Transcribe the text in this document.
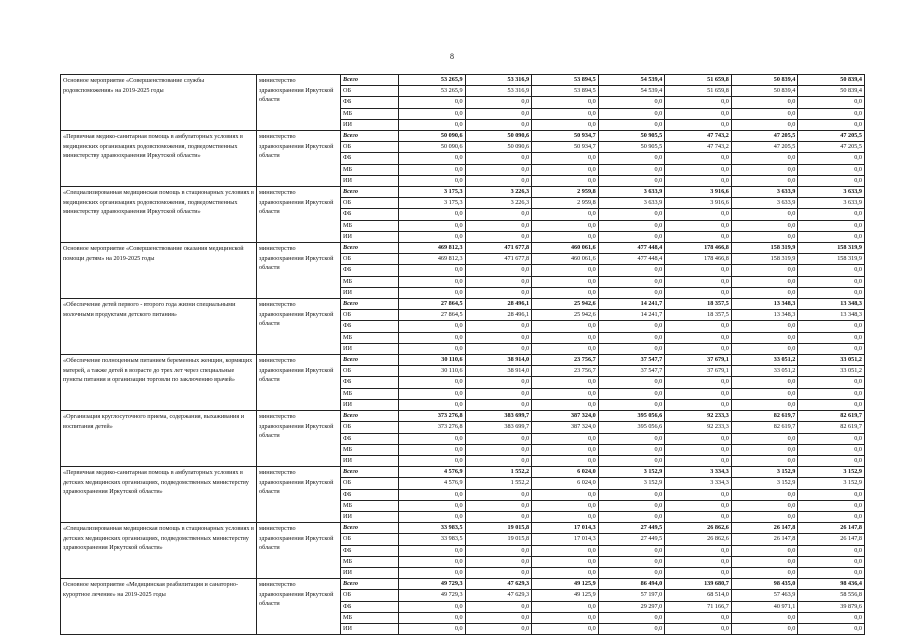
8
Основное мероприятие «Совершенствование службы родовспоможения» на 2019-2025 годы	министерство здравоохранения Иркутской области	Всего	53 265,9	53 316,9	53 894,5	54 539,4	51 659,8	50 839,4	50 839,4
		ОБ	53 265,9	53 316,9	53 894,5	54 539,4	51 659,8	50 839,4	50 839,4
		ФБ	0,0	0,0	0,0	0,0	0,0	0,0	0,0
		МБ	0,0	0,0	0,0	0,0	0,0	0,0	0,0
		ИИ	0,0	0,0	0,0	0,0	0,0	0,0	0,0
«Первичная медико-санитарная помощь в амбулаторных условиях в медицинских организациях родовспоможения, подведомственных министерству здравоохранения Иркутской области»	министерство здравоохранения Иркутской области	Всего	50 090,6	50 090,6	50 934,7	50 905,5	47 743,2	47 205,5	47 205,5
		ОБ	50 090,6	50 090,6	50 934,7	50 905,5	47 743,2	47 205,5	47 205,5
		ФБ	0,0	0,0	0,0	0,0	0,0	0,0	0,0
		МБ	0,0	0,0	0,0	0,0	0,0	0,0	0,0
		ИИ	0,0	0,0	0,0	0,0	0,0	0,0	0,0
«Специализированная медицинская помощь в стационарных условиях в медицинских организациях родовспоможения, подведомственных министерству здравоохранения Иркутской области»	министерство здравоохранения Иркутской области	Всего	3 175,3	3 226,3	2 959,8	3 633,9	3 916,6	3 633,9	3 633,9
		ОБ	3 175,3	3 226,3	2 959,8	3 633,9	3 916,6	3 633,9	3 633,9
		ФБ	0,0	0,0	0,0	0,0	0,0	0,0	0,0
		МБ	0,0	0,0	0,0	0,0	0,0	0,0	0,0
		ИИ	0,0	0,0	0,0	0,0	0,0	0,0	0,0
Основное мероприятие «Совершенствование оказания медицинской помощи детям» на 2019-2025 годы	министерство здравоохранения Иркутской области	Всего	469 812,3	471 677,8	460 061,6	477 448,4	178 466,8	158 319,9	158 319,9
		ОБ	469 812,3	471 677,8	460 061,6	477 448,4	178 466,8	158 319,9	158 319,9
		ФБ	0,0	0,0	0,0	0,0	0,0	0,0	0,0
		МБ	0,0	0,0	0,0	0,0	0,0	0,0	0,0
		ИИ	0,0	0,0	0,0	0,0	0,0	0,0	0,0
«Обеспечение детей первого - второго года жизни специальными молочными продуктами детского питания»	министерство здравоохранения Иркутской области	Всего	27 864,5	28 496,1	25 942,6	14 241,7	18 357,5	13 348,3	13 348,3
		ОБ	27 864,5	28 496,1	25 942,6	14 241,7	18 357,5	13 348,3	13 348,3
		ФБ	0,0	0,0	0,0	0,0	0,0	0,0	0,0
		МБ	0,0	0,0	0,0	0,0	0,0	0,0	0,0
		ИИ	0,0	0,0	0,0	0,0	0,0	0,0	0,0
«Обеспечение полноценным питанием беременных женщин, кормящих матерей, а также детей в возрасте до трех лет через специальные пункты питания и организации торговли по заключению врачей»	министерство здравоохранения Иркутской области	Всего	30 110,6	38 914,0	23 756,7	37 547,7	37 679,1	33 051,2	33 051,2
		ОБ	30 110,6	38 914,0	23 756,7	37 547,7	37 679,1	33 051,2	33 051,2
		ФБ	0,0	0,0	0,0	0,0	0,0	0,0	0,0
		МБ	0,0	0,0	0,0	0,0	0,0	0,0	0,0
		ИИ	0,0	0,0	0,0	0,0	0,0	0,0	0,0
«Организация круглосуточного приема, содержания, выхаживания и воспитания детей»	министерство здравоохранения Иркутской области	Всего	373 276,8	383 699,7	387 324,0	395 056,6	92 233,3	82 619,7	82 619,7
		ОБ	373 276,8	383 699,7	387 324,0	395 056,6	92 233,3	82 619,7	82 619,7
		ФБ	0,0	0,0	0,0	0,0	0,0	0,0	0,0
		МБ	0,0	0,0	0,0	0,0	0,0	0,0	0,0
		ИИ	0,0	0,0	0,0	0,0	0,0	0,0	0,0
«Первичная медико-санитарная помощь в амбулаторных условиях в детских медицинских организациях, подведомственных министерству здравоохранения Иркутской области»	министерство здравоохранения Иркутской области	Всего	4 576,9	1 552,2	6 024,0	3 152,9	3 334,3	3 152,9	3 152,9
		ОБ	4 576,9	1 552,2	6 024,0	3 152,9	3 334,3	3 152,9	3 152,9
		ФБ	0,0	0,0	0,0	0,0	0,0	0,0	0,0
		МБ	0,0	0,0	0,0	0,0	0,0	0,0	0,0
		ИИ	0,0	0,0	0,0	0,0	0,0	0,0	0,0
«Специализированная медицинская помощь в стационарных условиях в детских медицинских организациях, подведомственных министерству здравоохранения Иркутской области»	министерство здравоохранения Иркутской области	Всего	33 983,5	19 015,8	17 014,3	27 449,5	26 862,6	26 147,8	26 147,8
		ОБ	33 983,5	19 015,8	17 014,3	27 449,5	26 862,6	26 147,8	26 147,8
		ФБ	0,0	0,0	0,0	0,0	0,0	0,0	0,0
		МБ	0,0	0,0	0,0	0,0	0,0	0,0	0,0
		ИИ	0,0	0,0	0,0	0,0	0,0	0,0	0,0
Основное мероприятие «Медицинская реабилитация и санаторно-курортное лечение» на 2019-2025 годы	министерство здравоохранения Иркутской области	Всего	49 729,3	47 629,3	49 125,9	86 494,0	139 680,7	98 435,0	98 436,4
		ОБ	49 729,3	47 629,3	49 125,9	57 197,0	68 514,0	57 463,9	58 556,8
		ФБ	0,0	0,0	0,0	29 297,0	71 166,7	40 971,1	39 879,6
		МБ	0,0	0,0	0,0	0,0	0,0	0,0	0,0
		ИИ	0,0	0,0	0,0	0,0	0,0	0,0	0,0
